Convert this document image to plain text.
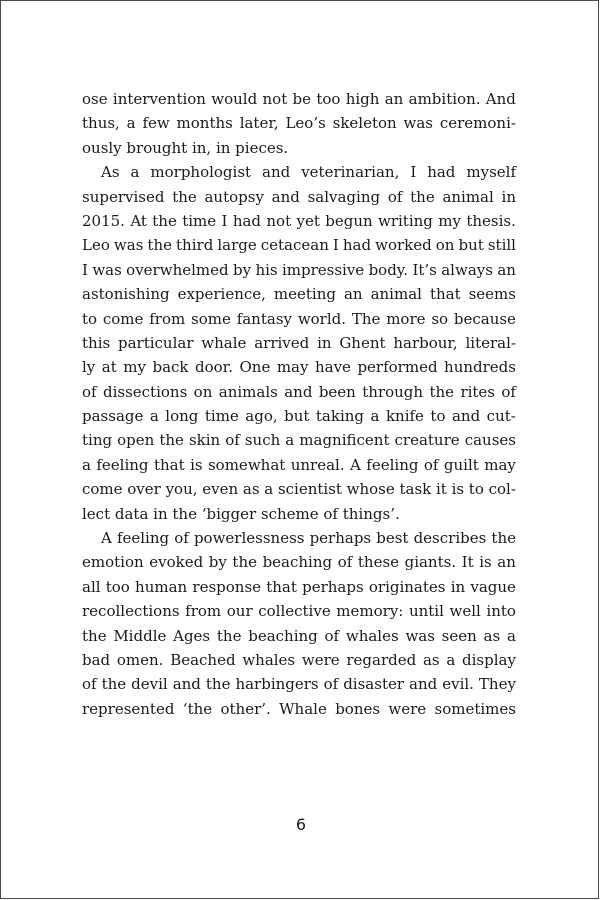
ose intervention would not be too high an ambition. And
thus, a few months later, Leo’s skeleton was ceremoni-
ously brought in, in pieces.
As a morphologist and veterinarian, I had myself
supervised the autopsy and salvaging of the animal in
2015. At the time I had not yet begun writing my thesis.
Leo was the third large cetacean I had worked on but still
I was overwhelmed by his impressive body. It’s always an
astonishing experience, meeting an animal that seems
to come from some fantasy world. The more so because
this particular whale arrived in Ghent harbour, literal-
ly at my back door. One may have performed hundreds
of dissections on animals and been through the rites of
passage a long time ago, but taking a knife to and cut-
ting open the skin of such a magnificent creature causes
a feeling that is somewhat unreal. A feeling of guilt may
come over you, even as a scientist whose task it is to col-
lect data in the ‘bigger scheme of things’.
A feeling of powerlessness perhaps best describes the
emotion evoked by the beaching of these giants. It is an
all too human response that perhaps originates in vague
recollections from our collective memory: until well into
the Middle Ages the beaching of whales was seen as a
bad omen. Beached whales were regarded as a display
of the devil and the harbingers of disaster and evil. They
represented ‘the other’. Whale bones were sometimes
6
